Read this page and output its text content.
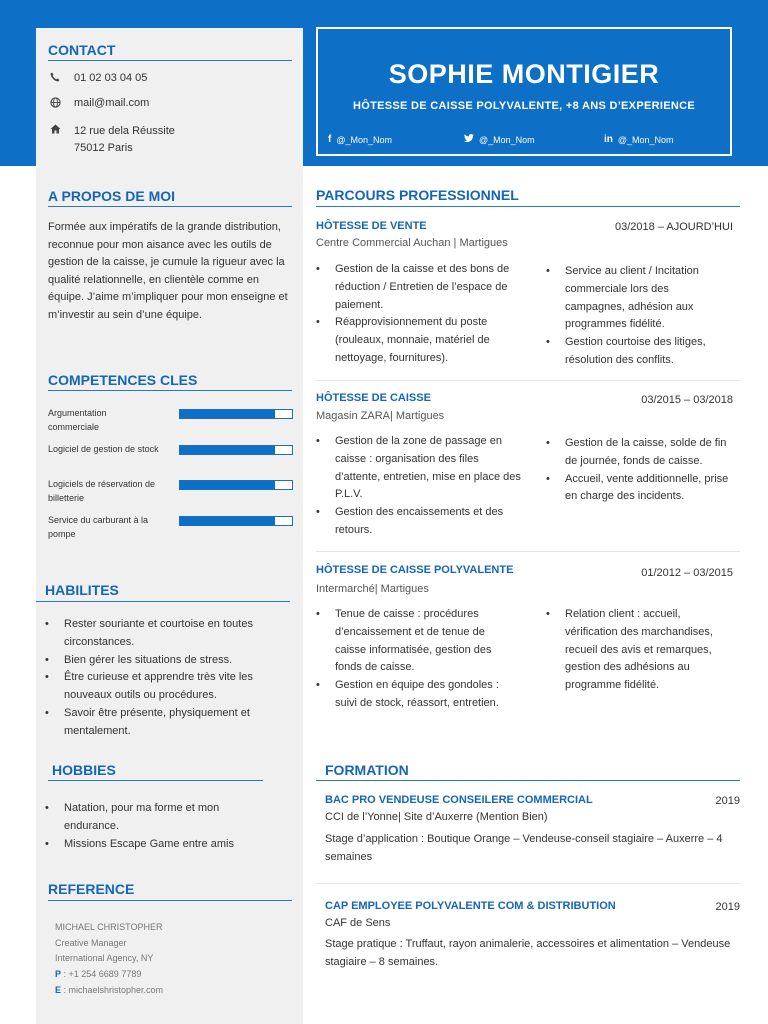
SOPHIE MONTIGIER
HÔTESSE DE CAISSE POLYVALENTE, +8 ANS D’EXPERIENCE
f @_Mon_Nom	@_Mon_Nom	in @_Mon_Nom
CONTACT
01 02 03 04 05
mail@mail.com
12 rue dela Réussite
75012 Paris
A PROPOS DE MOI
Formée aux impératifs de la grande distribution, reconnue pour mon aisance avec les outils de gestion de la caisse, je cumule la rigueur avec la qualité relationnelle, en clientèle comme en équipe. J’aime m’impliquer pour mon enseigne et m’investir au sein d’une équipe.
COMPETENCES CLES
Argumentation commerciale
Logiciel de gestion de stock
Logiciels de réservation de billetterie
Service du carburant à la pompe
HABILITES
• Rester souriante et courtoise en toutes circonstances.
• Bien gérer les situations de stress.
• Être curieuse et apprendre très vite les nouveaux outils ou procédures.
• Savoir être présente, physiquement et mentalement.
HOBBIES
• Natation, pour ma forme et mon endurance.
• Missions Escape Game entre amis
REFERENCE
MICHAEL CHRISTOPHER
Creative Manager
International Agency, NY
P : +1 254 6689 7789
E : michaelshristopher.com
PARCOURS PROFESSIONNEL
HÔTESSE DE VENTE	03/2018 – AJOURD’HUI
Centre Commercial Auchan | Martigues
• Gestion de la caisse et des bons de réduction / Entretien de l’espace de paiement.
• Réapprovisionnement du poste (rouleaux, monnaie, matériel de nettoyage, fournitures).
• Service au client / Incitation commerciale lors des campagnes, adhésion aux programmes fidélité.
• Gestion courtoise des litiges, résolution des conflits.
HÔTESSE DE CAISSE	03/2015 – 03/2018
Magasin ZARA| Martigues
• Gestion de la zone de passage en caisse : organisation des files d’attente, entretien, mise en place des P.L.V.
• Gestion des encaissements et des retours.
• Gestion de la caisse, solde de fin de journée, fonds de caisse.
• Accueil, vente additionnelle, prise en charge des incidents.
HÔTESSE DE CAISSE POLYVALENTE	01/2012 – 03/2015
Intermarché| Martigues
• Tenue de caisse : procédures d’encaissement et de tenue de caisse informatisée, gestion des fonds de caisse.
• Gestion en équipe des gondoles : suivi de stock, réassort, entretien.
• Relation client : accueil, vérification des marchandises, recueil des avis et remarques, gestion des adhésions au programme fidélité.
FORMATION
BAC PRO VENDEUSE CONSEILERE COMMERCIAL	2019
CCI de l’Yonne| Site d’Auxerre (Mention Bien)
Stage d’application : Boutique Orange – Vendeuse-conseil stagiaire – Auxerre – 4 semaines
CAP EMPLOYEE POLYVALENTE COM & DISTRIBUTION	2019
CAF de Sens
Stage pratique : Truffaut, rayon animalerie, accessoires et alimentation – Vendeuse stagiaire – 8 semaines.
